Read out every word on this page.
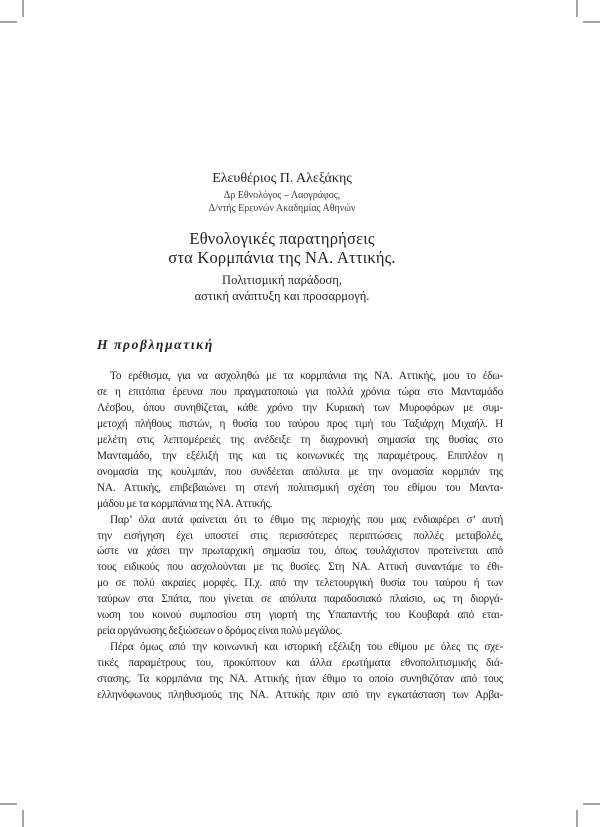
Ελευθέριος Π. Αλεξάκης
Δρ Εθνολόγος – Λαογράφος,
Δ/ντής Ερευνών Ακαδημίας Αθηνών
Εθνολογικές παρατηρήσεις
στα Κορμπάνια της ΝΑ. Αττικής.
Πολιτισμική παράδοση,
αστική ανάπτυξη και προσαρμογή.
Η προβληματική
Το ερέθισμα, για να ασχοληθώ με τα κορμπάνια της ΝΑ. Αττικής, μου το έδω-
σε η επιτόπια έρευνα που πραγματοποιώ για πολλά χρόνια τώρα στο Μανταμάδο
Λέσβου, όπου συνηθίζεται, κάθε χρόνο την Κυριακή των Μυροφόρων με συμ-
μετοχή πλήθους πιστών, η θυσία του ταύρου προς τιμή του Ταξιάρχη Μιχαήλ. Η
μελέτη στις λεπτομέρειές της ανέδειξε τη διαχρονική σημασία της θυσίας στο
Μανταμάδο, την εξέλιξή της και τις κοινωνικές της παραμέτρους. Επιπλέον η
ονομασία της κουλμπάν, που συνδέεται απόλυτα με την ονομασία κορμπάν της
ΝΑ. Αττικής, επιβεβαιώνει τη στενή πολιτισμική σχέση του εθίμου του Μαντα-
μάδου με τα κορμπάνια της ΝΑ. Αττικής.
Παρ’ όλα αυτά φαίνεται ότι το έθιμο της περιοχής που μας ενδιαφέρει σ’ αυτή
την εισήγηση έχει υποστεί στις περισσότερες περιπτώσεις πολλές μεταβολές,
ώστε να χάσει την πρωταρχική σημασία του, όπως τουλάχιστον προτείνεται από
τους ειδικούς που ασχολούνται με τις θυσίες. Στη ΝΑ. Αττική συναντάμε το έθι-
μο σε πολύ ακραίες μορφές. Π.χ. από την τελετουργική θυσία του ταύρου ή των
ταύρων στα Σπάτα, που γίνεται σε απόλυτα παραδοσιακό πλαίσιο, ως τη διοργά-
νωση του κοινού συμποσίου στη γιορτή της Υπαπαντής του Κουβαρά από εται-
ρεία οργάνωσης δεξιώσεων ο δρόμος είναι πολύ μεγάλος.
Πέρα όμως από την κοινωνική και ιστορική εξέλιξη του εθίμου με όλες τις σχε-
τικές παραμέτρους του, προκύπτουν και άλλα ερωτήματα εθνοπολιτισμικής διά-
στασης. Τα κορμπάνια της ΝΑ. Αττικής ήταν έθιμο το οποίο συνηθιζόταν από τους
ελληνόφωνους πληθυσμούς της ΝΑ. Αττικής πριν από την εγκατάσταση των Αρβα-
